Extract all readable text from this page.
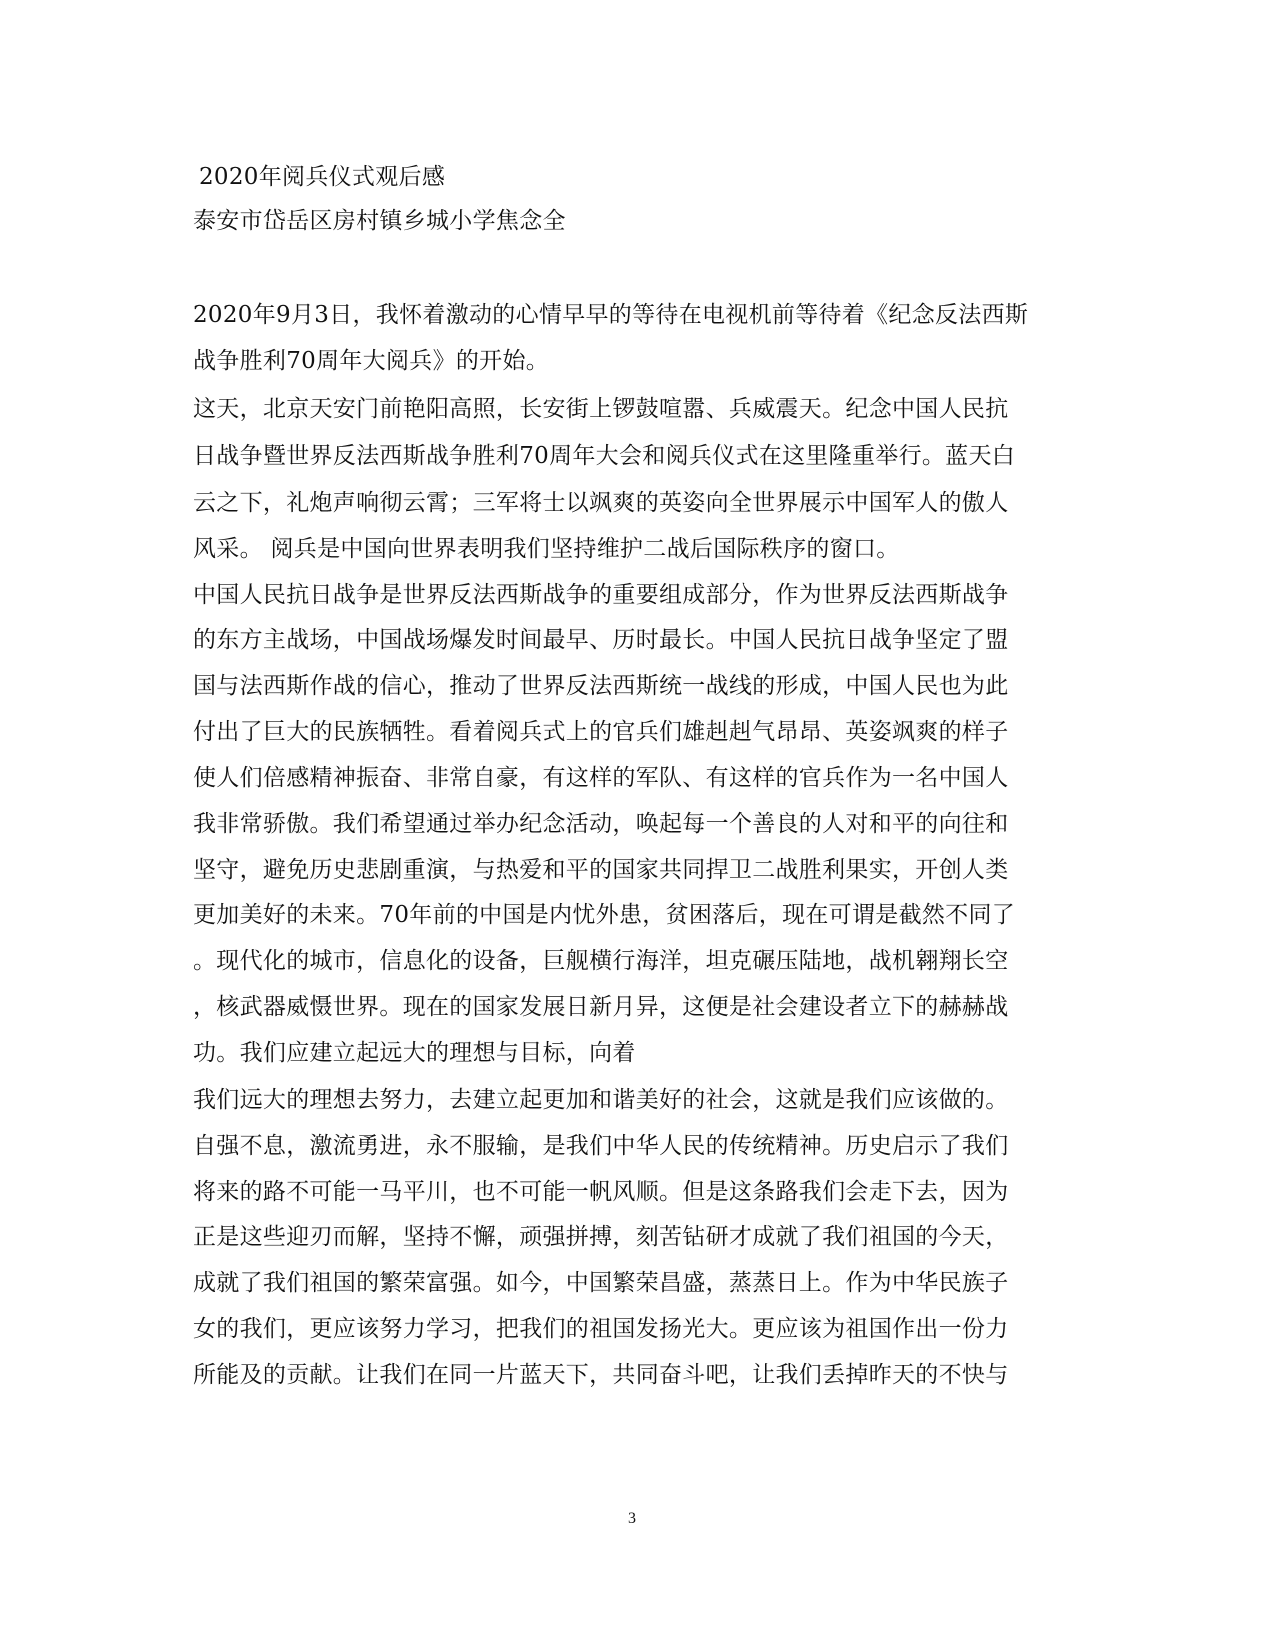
2020年阅兵仪式观后感
泰安市岱岳区房村镇乡城小学焦念全
2020年9月3日，我怀着激动的心情早早的等待在电视机前等待着《纪念反法西斯
战争胜利70周年大阅兵》的开始。
这天，北京天安门前艳阳高照，长安街上锣鼓喧嚣、兵威震天。纪念中国人民抗
日战争暨世界反法西斯战争胜利70周年大会和阅兵仪式在这里隆重举行。蓝天白
云之下，礼炮声响彻云霄；三军将士以飒爽的英姿向全世界展示中国军人的傲人
风采。 阅兵是中国向世界表明我们坚持维护二战后国际秩序的窗口。
中国人民抗日战争是世界反法西斯战争的重要组成部分，作为世界反法西斯战争
的东方主战场，中国战场爆发时间最早、历时最长。中国人民抗日战争坚定了盟
国与法西斯作战的信心，推动了世界反法西斯统一战线的形成，中国人民也为此
付出了巨大的民族牺牲。看着阅兵式上的官兵们雄赳赳气昂昂、英姿飒爽的样子
使人们倍感精神振奋、非常自豪，有这样的军队、有这样的官兵作为一名中国人
我非常骄傲。我们希望通过举办纪念活动，唤起每一个善良的人对和平的向往和
坚守，避免历史悲剧重演，与热爱和平的国家共同捍卫二战胜利果实，开创人类
更加美好的未来。70年前的中国是内忧外患，贫困落后，现在可谓是截然不同了
。现代化的城市，信息化的设备，巨舰横行海洋，坦克碾压陆地，战机翱翔长空
，核武器威慑世界。现在的国家发展日新月异，这便是社会建设者立下的赫赫战
功。我们应建立起远大的理想与目标，向着
我们远大的理想去努力，去建立起更加和谐美好的社会，这就是我们应该做的。
自强不息，激流勇进，永不服输，是我们中华人民的传统精神。历史启示了我们
将来的路不可能一马平川，也不可能一帆风顺。但是这条路我们会走下去，因为
正是这些迎刃而解，坚持不懈，顽强拼搏，刻苦钻研才成就了我们祖国的今天，
成就了我们祖国的繁荣富强。如今，中国繁荣昌盛，蒸蒸日上。作为中华民族子
女的我们，更应该努力学习，把我们的祖国发扬光大。更应该为祖国作出一份力
所能及的贡献。让我们在同一片蓝天下，共同奋斗吧，让我们丢掉昨天的不快与
3
